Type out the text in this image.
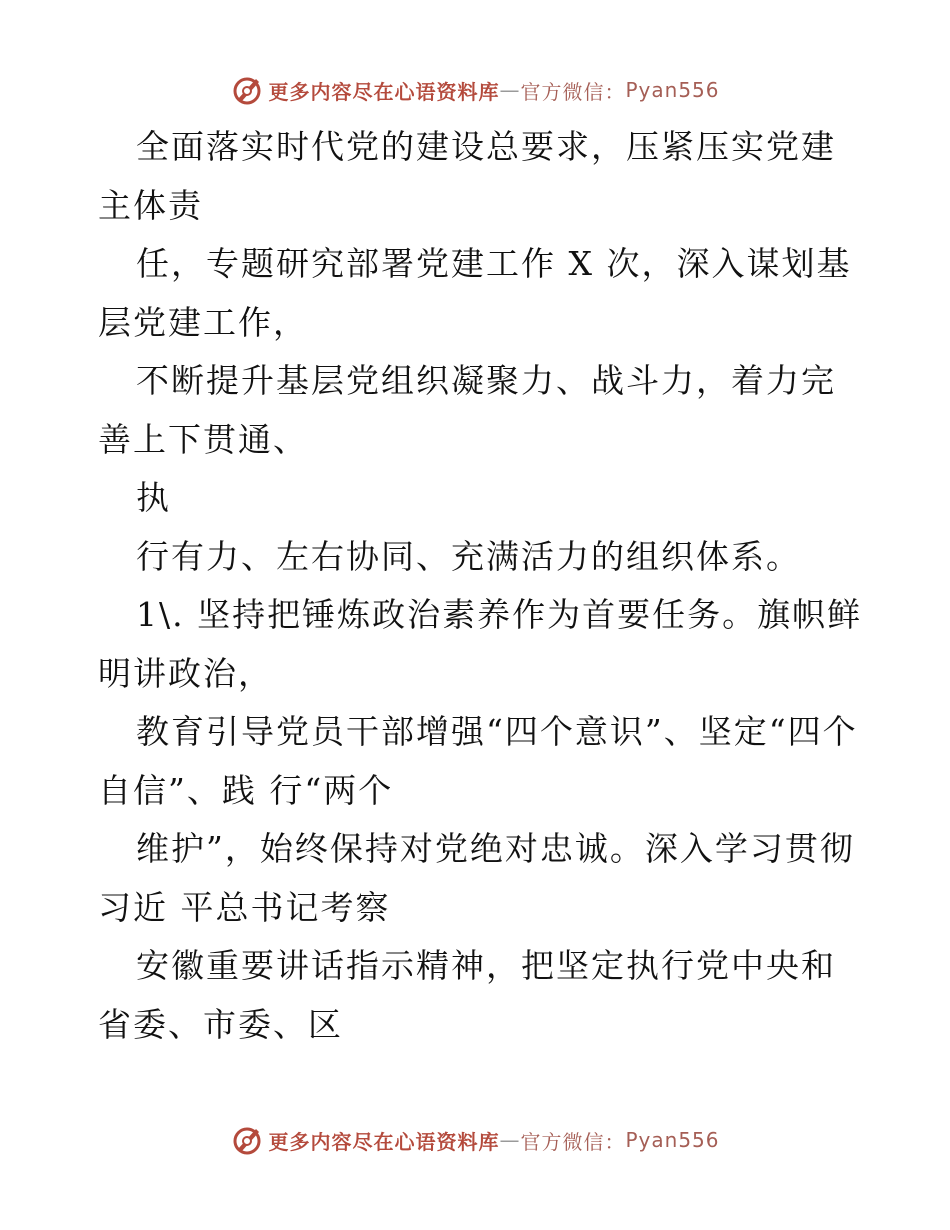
更多内容尽在心语资料库 — 官方微信： Pyan556

全面落实时代党的建设总要求，压紧压实党建主体责

任，专题研究部署党建工作 X 次，深入谋划基层党建工作，

不断提升基层党组织凝聚力、战斗力，着力完善上下贯通、

执

行有力、左右协同、充满活力的组织体系。

1\. 坚持把锤炼政治素养作为首要任务。旗帜鲜明讲政治，

教育引导党员干部增强“四个意识”、坚定“四个自信”、践 行“两个

维护”，始终保持对党绝对忠诚。深入学习贯彻习近 平总书记考察

安徽重要讲话指示精神，把坚定执行党中央和省委、市委、区

更多内容尽在心语资料库 — 官方微信： Pyan556
